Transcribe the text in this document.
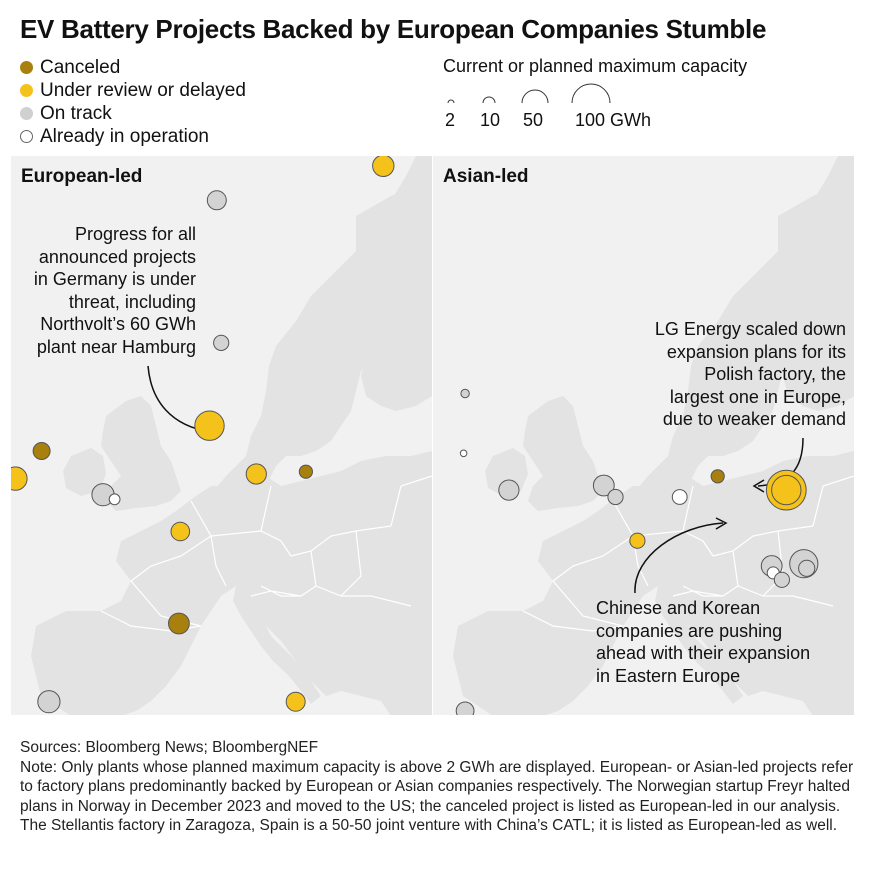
EV Battery Projects Backed by European Companies Stumble
Canceled
Under review or delayed
On track
Already in operation
Current or planned maximum capacity
2 10 50 100 GWh
European-led
Progress for all
announced projects
in Germany is under
threat, including
Northvolt’s 60 GWh
plant near Hamburg
Asian-led
LG Energy scaled down
expansion plans for its
Polish factory, the
largest one in Europe,
due to weaker demand
Chinese and Korean
companies are pushing
ahead with their expansion
in Eastern Europe
Sources: Bloomberg News; BloombergNEF
Note: Only plants whose planned maximum capacity is above 2 GWh are displayed. European- or Asian-led projects refer to factory plans predominantly backed by European or Asian companies respectively. The Norwegian startup Freyr halted plans in Norway in December 2023 and moved to the US; the canceled project is listed as European-led in our analysis. The Stellantis factory in Zaragoza, Spain is a 50-50 joint venture with China’s CATL; it is listed as European-led as well.
